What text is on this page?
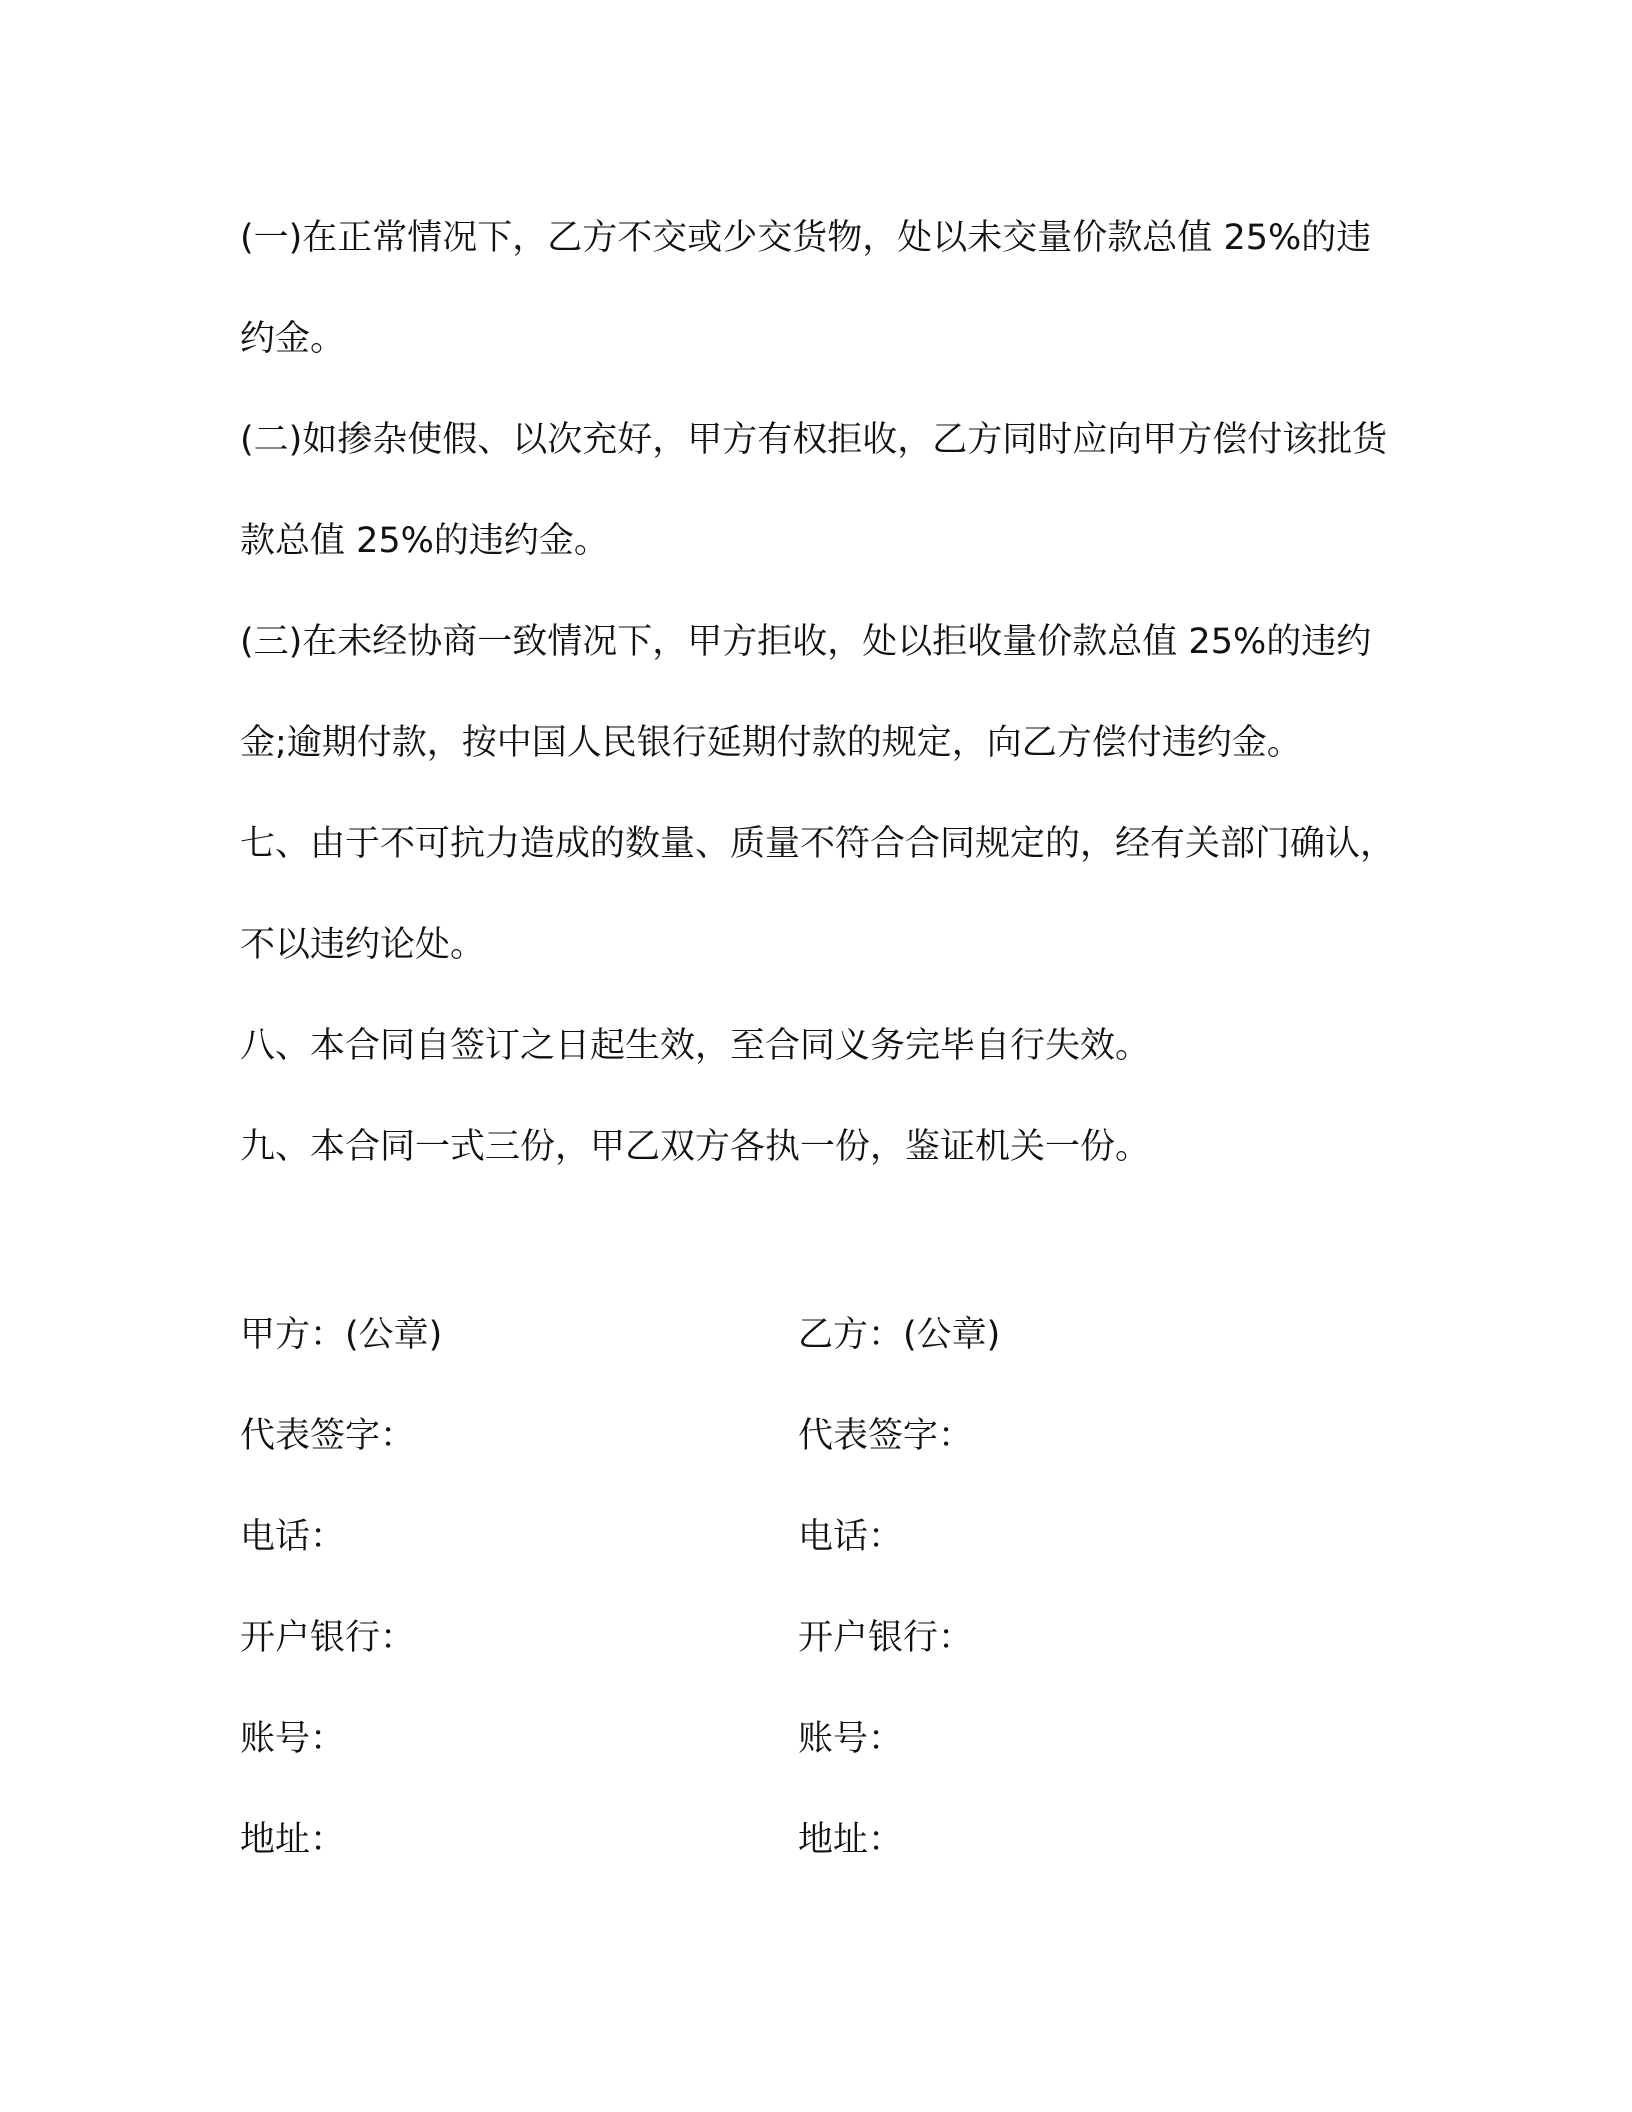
(一)在正常情况下，乙方不交或少交货物，处以未交量价款总值 25%的违约金。

(二)如掺杂使假、以次充好，甲方有权拒收，乙方同时应向甲方偿付该批货款总值 25%的违约金。

(三)在未经协商一致情况下，甲方拒收，处以拒收量价款总值 25%的违约金;逾期付款，按中国人民银行延期付款的规定，向乙方偿付违约金。

七、由于不可抗力造成的数量、质量不符合合同规定的，经有关部门确认，不以违约论处。

八、本合同自签订之日起生效，至合同义务完毕自行失效。

九、本合同一式三份，甲乙双方各执一份，鉴证机关一份。

甲方：(公章)	乙方：(公章)
代表签字：	代表签字：
电话：	电话：
开户银行：	开户银行：
账号：	账号：
地址：	地址：
